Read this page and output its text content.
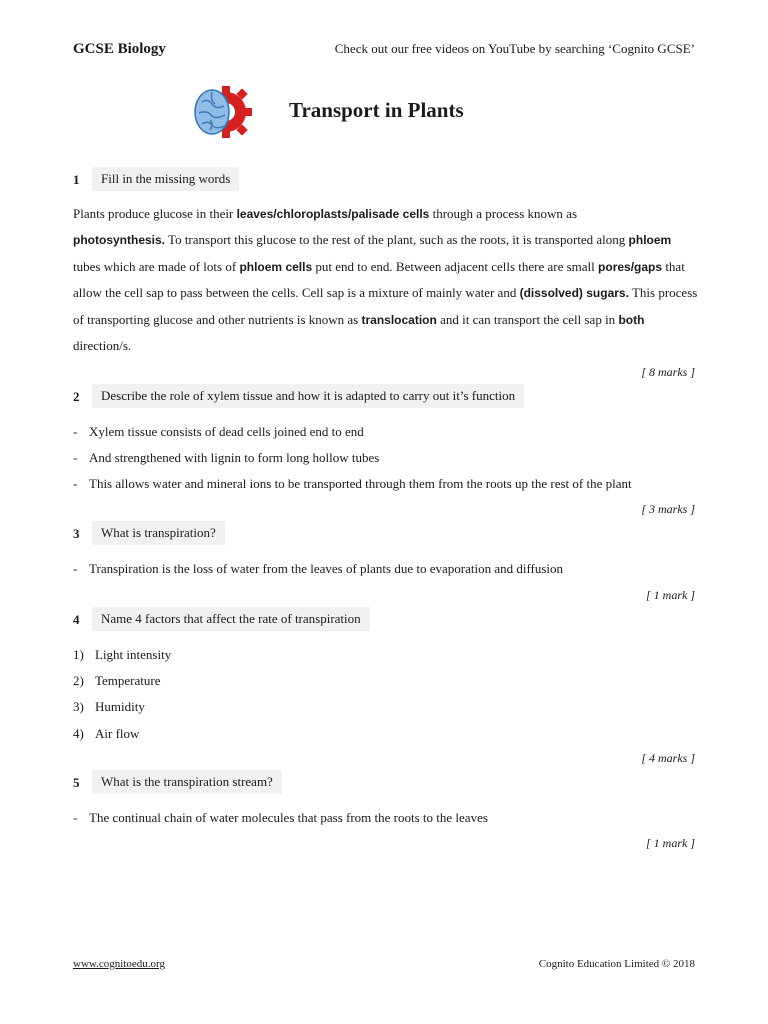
GCSE Biology	Check out our free videos on YouTube by searching ‘Cognito GCSE’
Transport in Plants
1	Fill in the missing words
Plants produce glucose in their leaves/chloroplasts/palisade cells through a process known as
photosynthesis. To transport this glucose to the rest of the plant, such as the roots, it is transported along phloem tubes which are made of lots of phloem cells put end to end. Between adjacent cells there are small pores/gaps that allow the cell sap to pass between the cells. Cell sap is a mixture of mainly water and (dissolved) sugars. This process of transporting glucose and other nutrients is known as translocation and it can transport the cell sap in both direction/s.
[ 8 marks ]
2	Describe the role of xylem tissue and how it is adapted to carry out it’s function
- Xylem tissue consists of dead cells joined end to end
- And strengthened with lignin to form long hollow tubes
- This allows water and mineral ions to be transported through them from the roots up the rest of the plant
[ 3 marks ]
3	What is transpiration?
- Transpiration is the loss of water from the leaves of plants due to evaporation and diffusion
[ 1 mark ]
4	Name 4 factors that affect the rate of transpiration
1) Light intensity
2) Temperature
3) Humidity
4) Air flow
[ 4 marks ]
5	What is the transpiration stream?
- The continual chain of water molecules that pass from the roots to the leaves
[ 1 mark ]
www.cognitoedu.org	Cognito Education Limited © 2018
